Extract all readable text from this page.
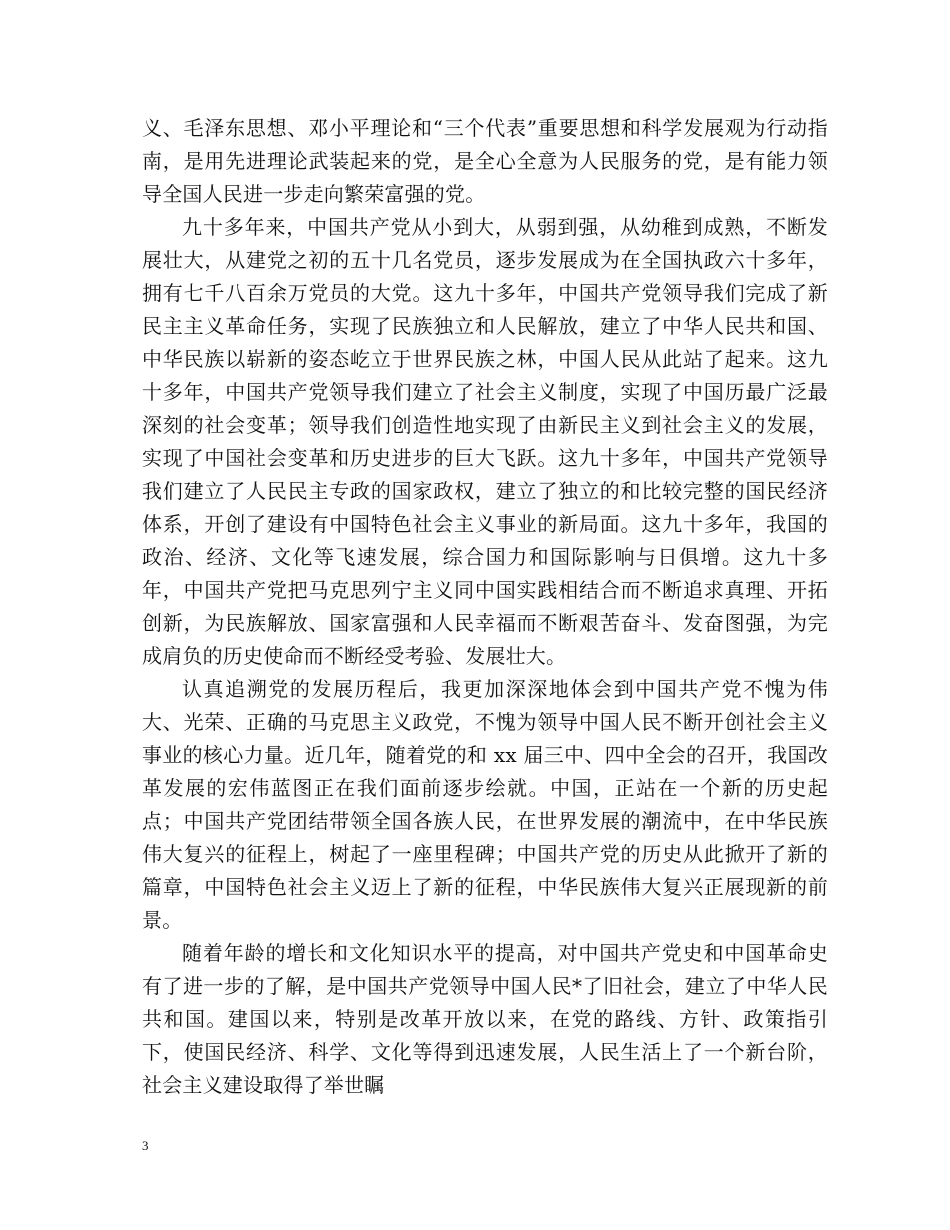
义、毛泽东思想、邓小平理论和“三个代表”重要思想和科学发展观为行动指南，是用先进理论武装起来的党，是全心全意为人民服务的党，是有能力领导全国人民进一步走向繁荣富强的党。

九十多年来，中国共产党从小到大，从弱到强，从幼稚到成熟，不断发展壮大，从建党之初的五十几名党员，逐步发展成为在全国执政六十多年，拥有七千八百余万党员的大党。这九十多年，中国共产党领导我们完成了新民主主义革命任务，实现了民族独立和人民解放，建立了中华人民共和国、中华民族以崭新的姿态屹立于世界民族之林，中国人民从此站了起来。这九十多年，中国共产党领导我们建立了社会主义制度，实现了中国历最广泛最深刻的社会变革；领导我们创造性地实现了由新民主义到社会主义的发展，实现了中国社会变革和历史进步的巨大飞跃。这九十多年，中国共产党领导我们建立了人民民主专政的国家政权，建立了独立的和比较完整的国民经济体系，开创了建设有中国特色社会主义事业的新局面。这九十多年，我国的政治、经济、文化等飞速发展，综合国力和国际影响与日俱增。这九十多年，中国共产党把马克思列宁主义同中国实践相结合而不断追求真理、开拓创新，为民族解放、国家富强和人民幸福而不断艰苦奋斗、发奋图强，为完成肩负的历史使命而不断经受考验、发展壮大。

认真追溯党的发展历程后，我更加深深地体会到中国共产党不愧为伟大、光荣、正确的马克思主义政党，不愧为领导中国人民不断开创社会主义事业的核心力量。近几年，随着党的和 xx 届三中、四中全会的召开，我国改革发展的宏伟蓝图正在我们面前逐步绘就。中国，正站在一个新的历史起点；中国共产党团结带领全国各族人民，在世界发展的潮流中，在中华民族伟大复兴的征程上，树起了一座里程碑；中国共产党的历史从此掀开了新的篇章，中国特色社会主义迈上了新的征程，中华民族伟大复兴正展现新的前景。

随着年龄的增长和文化知识水平的提高，对中国共产党史和中国革命史有了进一步的了解，是中国共产党领导中国人民*了旧社会，建立了中华人民共和国。建国以来，特别是改革开放以来，在党的路线、方针、政策指引下，使国民经济、科学、文化等得到迅速发展，人民生活上了一个新台阶，社会主义建设取得了举世瞩

3
